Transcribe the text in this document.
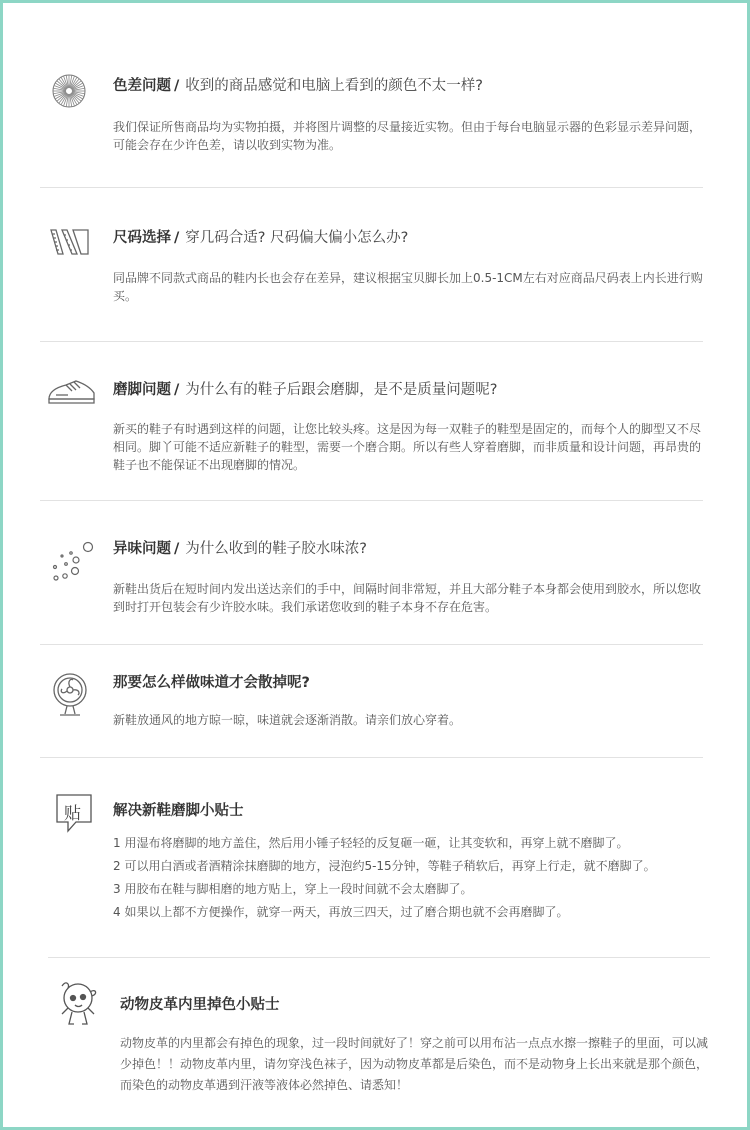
色差问题 / 收到的商品感觉和电脑上看到的颜色不太一样?

我们保证所售商品均为实物拍摄，并将图片调整的尽量接近实物。但由于每台电脑显示器的色彩显示差异问题，可能会存在少许色差，请以收到实物为准。

尺码选择 / 穿几码合适? 尺码偏大偏小怎么办?

同品牌不同款式商品的鞋内长也会存在差异，建议根据宝贝脚长加上0.5-1CM左右对应商品尺码表上内长进行购买。

磨脚问题 / 为什么有的鞋子后跟会磨脚，是不是质量问题呢?

新买的鞋子有时遇到这样的问题，让您比较头疼。这是因为每一双鞋子的鞋型是固定的，而每个人的脚型又不尽相同。脚丫可能不适应新鞋子的鞋型，需要一个磨合期。所以有些人穿着磨脚，而非质量和设计问题，再昂贵的鞋子也不能保证不出现磨脚的情况。

异味问题 / 为什么收到的鞋子胶水味浓?

新鞋出货后在短时间内发出送达亲们的手中，间隔时间非常短，并且大部分鞋子本身都会使用到胶水，所以您收到时打开包装会有少许胶水味。我们承诺您收到的鞋子本身不存在危害。

那要怎么样做味道才会散掉呢?

新鞋放通风的地方晾一晾，味道就会逐渐消散。请亲们放心穿着。

贴 解决新鞋磨脚小贴士

1 用湿布将磨脚的地方盖住，然后用小锤子轻轻的反复砸一砸，让其变软和，再穿上就不磨脚了。

2 可以用白酒或者酒精涂抹磨脚的地方，浸泡约5-15分钟，等鞋子稍软后，再穿上行走，就不磨脚了。

3 用胶布在鞋与脚相磨的地方贴上，穿上一段时间就不会太磨脚了。

4 如果以上都不方便操作，就穿一两天，再放三四天，过了磨合期也就不会再磨脚了。

动物皮革内里掉色小贴士

动物皮革的内里都会有掉色的现象，过一段时间就好了！穿之前可以用布沾一点点水擦一擦鞋子的里面，可以减少掉色！！动物皮革内里，请勿穿浅色袜子，因为动物皮革都是后染色，而不是动物身上长出来就是那个颜色，而染色的动物皮革遇到汗液等液体必然掉色、请悉知！
